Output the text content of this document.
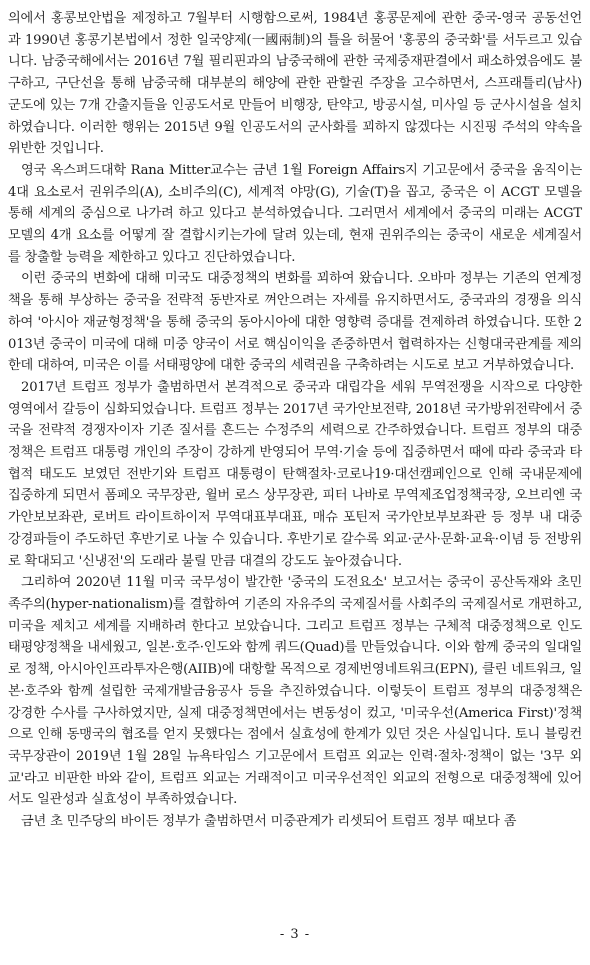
의에서 홍콩보안법을 제정하고 7월부터 시행함으로써, 1984년 홍콩문제에 관한 중국-영국 공동선언과 1990년 홍콩기본법에서 정한 일국양제(一國兩制)의 틀을 허물어 '홍콩의 중국화'를 서두르고 있습니다. 남중국해에서는 2016년 7월 필리핀과의 남중국해에 관한 국제중재판결에서 패소하였음에도 불구하고, 구단선을 통해 남중국해 대부분의 해양에 관한 관할권 주장을 고수하면서, 스프래틀리(남사) 군도에 있는 7개 간출지들을 인공도서로 만들어 비행장, 탄약고, 방공시설, 미사일 등 군사시설을 설치하였습니다. 이러한 행위는 2015년 9월 인공도서의 군사화를 꾀하지 않겠다는 시진핑 주석의 약속을 위반한 것입니다.

영국 옥스퍼드대학 Rana Mitter교수는 금년 1월 Foreign Affairs지 기고문에서 중국을 움직이는 4대 요소로서 권위주의(A), 소비주의(C), 세계적 야망(G), 기술(T)을 꼽고, 중국은 이 ACGT 모델을 통해 세계의 중심으로 나가려 하고 있다고 분석하였습니다. 그러면서 세계에서 중국의 미래는 ACGT모델의 4개 요소를 어떻게 잘 결합시키는가에 달려 있는데, 현재 권위주의는 중국이 새로운 세계질서를 창출할 능력을 제한하고 있다고 진단하였습니다.

이런 중국의 변화에 대해 미국도 대중정책의 변화를 꾀하여 왔습니다. 오바마 정부는 기존의 연계정책을 통해 부상하는 중국을 전략적 동반자로 껴안으려는 자세를 유지하면서도, 중국과의 경쟁을 의식하여 '아시아 재균형정책'을 통해 중국의 동아시아에 대한 영향력 증대를 견제하려 하였습니다. 또한 2013년 중국이 미국에 대해 미중 양국이 서로 핵심이익을 존중하면서 협력하자는 신형대국관계를 제의한데 대하여, 미국은 이를 서태평양에 대한 중국의 세력권을 구축하려는 시도로 보고 거부하였습니다.

2017년 트럼프 정부가 출범하면서 본격적으로 중국과 대립각을 세워 무역전쟁을 시작으로 다양한 영역에서 갈등이 심화되었습니다. 트럼프 정부는 2017년 국가안보전략, 2018년 국가방위전략에서 중국을 전략적 경쟁자이자 기존 질서를 흔드는 수정주의 세력으로 간주하였습니다. 트럼프 정부의 대중정책은 트럼프 대통령 개인의 주장이 강하게 반영되어 무역·기술 등에 집중하면서 때에 따라 중국과 타협적 태도도 보였던 전반기와 트럼프 대통령이 탄핵절차·코로나19·대선캠페인으로 인해 국내문제에 집중하게 되면서 폼페오 국무장관, 윌버 로스 상무장관, 피터 나바로 무역제조업정책국장, 오브리엔 국가안보보좌관, 로버트 라이트하이저 무역대표부대표, 매슈 포틴저 국가안보부보좌관 등 정부 내 대중 강경파들이 주도하던 후반기로 나눌 수 있습니다. 후반기로 갈수록 외교·군사·문화·교육·이념 등 전방위로 확대되고 '신냉전'의 도래라 불릴 만큼 대결의 강도도 높아졌습니다.

그리하여 2020년 11월 미국 국무성이 발간한 '중국의 도전요소' 보고서는 중국이 공산독재와 초민족주의(hyper-nationalism)를 결합하여 기존의 자유주의 국제질서를 사회주의 국제질서로 개편하고, 미국을 제치고 세계를 지배하려 한다고 보았습니다. 그리고 트럼프 정부는 구체적 대중정책으로 인도태평양정책을 내세웠고, 일본·호주·인도와 함께 쿼드(Quad)를 만들었습니다. 이와 함께 중국의 일대일로 정책, 아시아인프라투자은행(AIIB)에 대항할 목적으로 경제번영네트워크(EPN), 클린 네트워크, 일본·호주와 함께 설립한 국제개발금융공사 등을 추진하였습니다. 이렇듯이 트럼프 정부의 대중정책은 강경한 수사를 구사하였지만, 실제 대중정책면에서는 변동성이 컸고, '미국우선(America First)'정책으로 인해 동맹국의 협조를 얻지 못했다는 점에서 실효성에 한계가 있던 것은 사실입니다. 토니 블링컨 국무장관이 2019년 1월 28일 뉴욕타임스 기고문에서 트럼프 외교는 인력·절차·정책이 없는 '3무 외교'라고 비판한 바와 같이, 트럼프 외교는 거래적이고 미국우선적인 외교의 전형으로 대중정책에 있어서도 일관성과 실효성이 부족하였습니다.

금년 초 민주당의 바이든 정부가 출범하면서 미중관계가 리셋되어 트럼프 정부 때보다 좀

- 3 -
